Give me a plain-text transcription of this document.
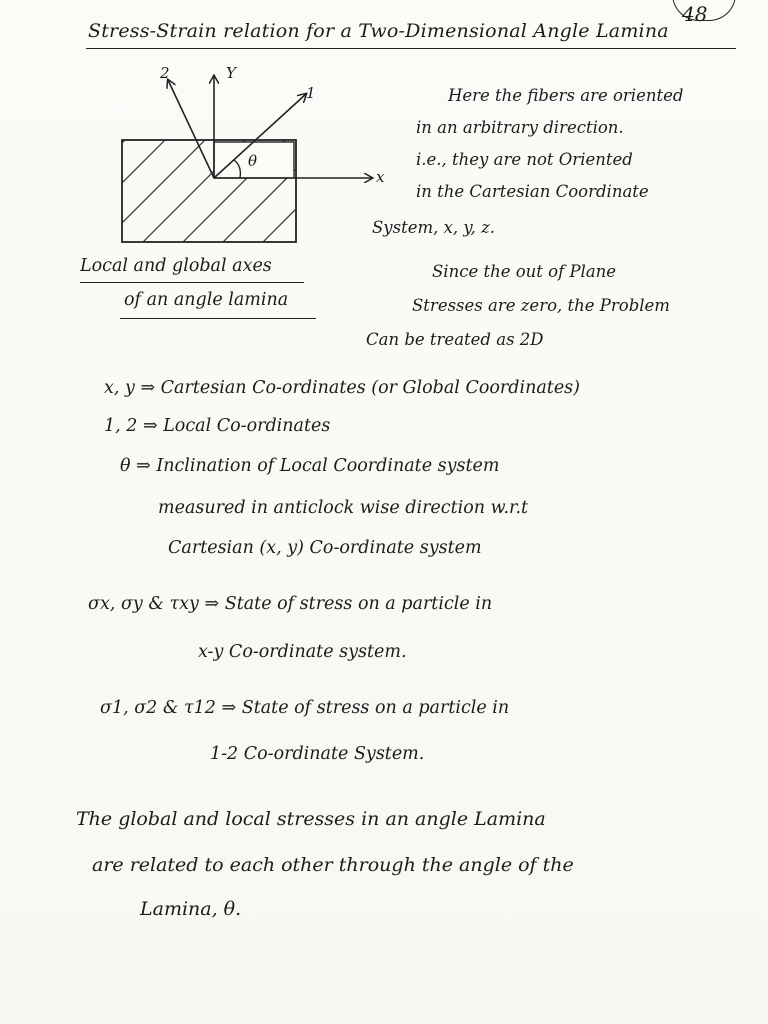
48
Stress-Strain relation for a Two-Dimensional Angle Lamina
2	Y
1
x
θ
Local and global axes
of an angle lamina
Here the fibers are oriented
in an arbitrary direction.
i.e., they are not Oriented
in the Cartesian Coordinate
System, x, y, z.
Since the out of Plane
Stresses are zero, the Problem
Can be treated as 2D
x, y ⇒ Cartesian Co-ordinates (or Global Coordinates)
1, 2 ⇒ Local Co-ordinates
θ ⇒ Inclination of Local Coordinate system
measured in anticlock wise direction w.r.t
Cartesian (x, y) Co-ordinate system
σx, σy & τxy ⇒ State of stress on a particle in
x-y Co-ordinate system.
σ1, σ2 & τ12 ⇒ State of stress on a particle in
1-2 Co-ordinate System.
The global and local stresses in an angle Lamina
are related to each other through the angle of the
Lamina, θ.
